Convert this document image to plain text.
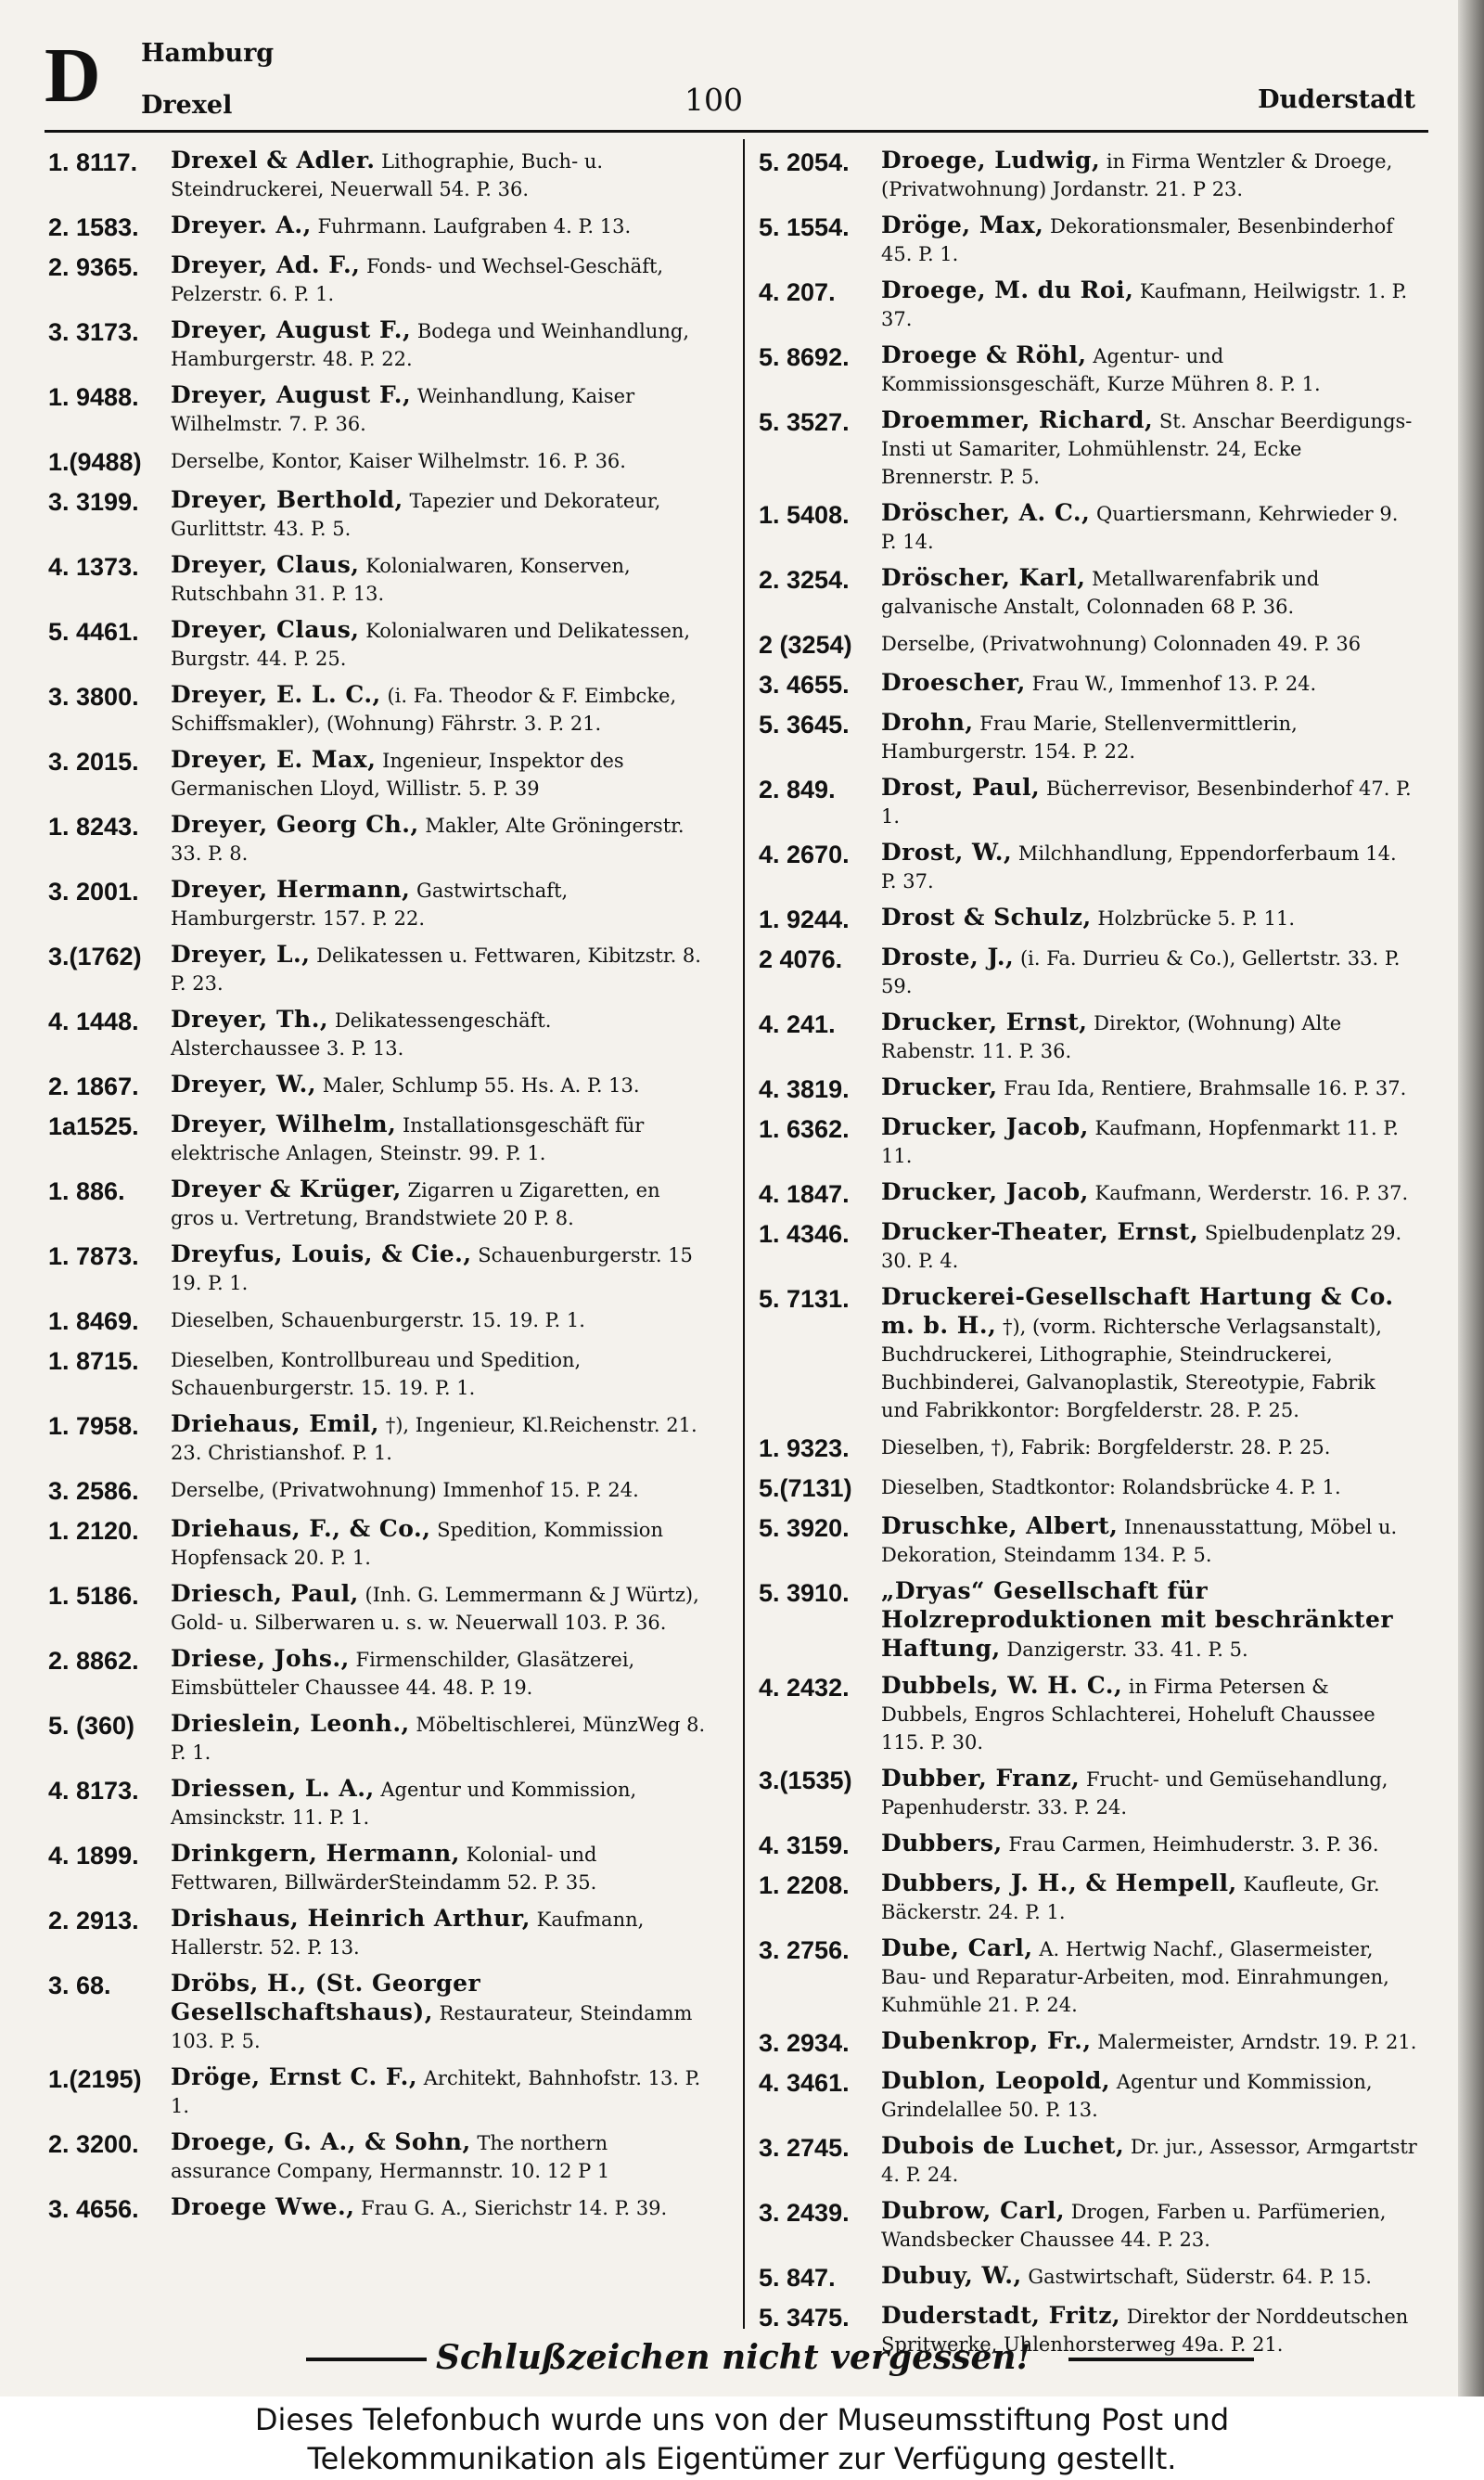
D Hamburg
Drexel	100	Duderstadt
1. 8117.	Drexel & Adler. Lithographie, Buch- u. Steindruckerei, Neuerwall 54. P. 36.
2. 1583.	Dreyer. A., Fuhrmann. Laufgraben 4. P. 13.
2. 9365.	Dreyer, Ad. F., Fonds- und Wechsel-Geschäft, Pelzerstr. 6. P. 1.
3. 3173.	Dreyer, August F., Bodega und Weinhandlung, Hamburgerstr. 48. P. 22.
1. 9488.	Dreyer, August F., Weinhandlung, Kaiser Wilhelmstr. 7. P. 36.
1.(9488)	Derselbe, Kontor, Kaiser Wilhelmstr. 16. P. 36.
3. 3199.	Dreyer, Berthold, Tapezier und Dekorateur, Gurlittstr. 43. P. 5.
4. 1373.	Dreyer, Claus, Kolonialwaren, Konserven, Rutschbahn 31. P. 13.
5. 4461.	Dreyer, Claus, Kolonialwaren und Delikatessen, Burgstr. 44. P. 25.
3. 3800.	Dreyer, E. L. C., (i. Fa. Theodor & F. Eimbcke, Schiffsmakler), (Wohnung) Fährstr. 3. P. 21.
3. 2015.	Dreyer, E. Max, Ingenieur, Inspektor des Germanischen Lloyd, Willistr. 5. P. 39
1. 8243.	Dreyer, Georg Ch., Makler, Alte Gröningerstr. 33. P. 8.
3. 2001.	Dreyer, Hermann, Gastwirtschaft, Hamburgerstr. 157. P. 22.
3.(1762)	Dreyer, L., Delikatessen u. Fettwaren, Kibitzstr. 8. P. 23.
4. 1448.	Dreyer, Th., Delikatessengeschäft. Alsterchaussee 3. P. 13.
2. 1867.	Dreyer, W., Maler, Schlump 55. Hs. A. P. 13.
1a1525.	Dreyer, Wilhelm, Installationsgeschäft für elektrische Anlagen, Steinstr. 99. P. 1.
1. 886.	Dreyer & Krüger, Zigarren u Zigaretten, en gros u. Vertretung, Brandstwiete 20 P. 8.
1. 7873.	Dreyfus, Louis, & Cie., Schauenburgerstr. 15 19. P. 1.
1. 8469.	Dieselben, Schauenburgerstr. 15. 19. P. 1.
1. 8715.	Dieselben, Kontrollbureau und Spedition, Schauenburgerstr. 15. 19. P. 1.
1. 7958.	Driehaus, Emil, †), Ingenieur, Kl.Reichenstr. 21. 23. Christianshof. P. 1.
3. 2586.	Derselbe, (Privatwohnung) Immenhof 15. P. 24.
1. 2120.	Driehaus, F., & Co., Spedition, Kommission Hopfensack 20. P. 1.
1. 5186.	Driesch, Paul, (Inh. G. Lemmermann & J Würtz), Gold- u. Silberwaren u. s. w. Neuerwall 103. P. 36.
2. 8862.	Driese, Johs., Firmenschilder, Glasätzerei, Eimsbütteler Chaussee 44. 48. P. 19.
5. (360)	Drieslein, Leonh., Möbeltischlerei, MünzWeg 8. P. 1.
4. 8173.	Driessen, L. A., Agentur und Kommission, Amsinckstr. 11. P. 1.
4. 1899.	Drinkgern, Hermann, Kolonial- und Fettwaren, BillwärderSteindamm 52. P. 35.
2. 2913.	Drishaus, Heinrich Arthur, Kaufmann, Hallerstr. 52. P. 13.
3. 68.	Dröbs, H., (St. Georger Gesellschaftshaus), Restaurateur, Steindamm 103. P. 5.
1.(2195)	Dröge, Ernst C. F., Architekt, Bahnhofstr. 13. P. 1.
2. 3200.	Droege, G. A., & Sohn, The northern assurance Company, Hermannstr. 10. 12 P 1
3. 4656.	Droege Wwe., Frau G. A., Sierichstr 14. P. 39.
5. 2054.	Droege, Ludwig, in Firma Wentzler & Droege, (Privatwohnung) Jordanstr. 21. P 23.
5. 1554.	Dröge, Max, Dekorationsmaler, Besenbinderhof 45. P. 1.
4. 207.	Droege, M. du Roi, Kaufmann, Heilwigstr. 1. P. 37.
5. 8692.	Droege & Röhl, Agentur- und Kommissionsgeschäft, Kurze Mühren 8. P. 1.
5. 3527.	Droemmer, Richard, St. Anschar Beerdigungs-Insti ut Samariter, Lohmühlenstr. 24, Ecke Brennerstr. P. 5.
1. 5408.	Dröscher, A. C., Quartiersmann, Kehrwieder 9. P. 14.
2. 3254.	Dröscher, Karl, Metallwarenfabrik und galvanische Anstalt, Colonnaden 68 P. 36.
2 (3254)	Derselbe, (Privatwohnung) Colonnaden 49. P. 36
3. 4655.	Droescher, Frau W., Immenhof 13. P. 24.
5. 3645.	Drohn, Frau Marie, Stellenvermittlerin, Hamburgerstr. 154. P. 22.
2. 849.	Drost, Paul, Bücherrevisor, Besenbinderhof 47. P. 1.
4. 2670.	Drost, W., Milchhandlung, Eppendorferbaum 14. P. 37.
1. 9244.	Drost & Schulz, Holzbrücke 5. P. 11.
2 4076.	Droste, J., (i. Fa. Durrieu & Co.), Gellertstr. 33. P. 59.
4. 241.	Drucker, Ernst, Direktor, (Wohnung) Alte Rabenstr. 11. P. 36.
4. 3819.	Drucker, Frau Ida, Rentiere, Brahmsalle 16. P. 37.
1. 6362.	Drucker, Jacob, Kaufmann, Hopfenmarkt 11. P. 11.
4. 1847.	Drucker, Jacob, Kaufmann, Werderstr. 16. P. 37.
1. 4346.	Drucker-Theater, Ernst, Spielbudenplatz 29. 30. P. 4.
5. 7131.	Druckerei-Gesellschaft Hartung & Co. m. b. H., †), (vorm. Richtersche Verlagsanstalt), Buchdruckerei, Lithographie, Steindruckerei, Buchbinderei, Galvanoplastik, Stereotypie, Fabrik und Fabrikkontor: Borgfelderstr. 28. P. 25.
1. 9323.	Dieselben, †), Fabrik: Borgfelderstr. 28. P. 25.
5.(7131)	Dieselben, Stadtkontor: Rolandsbrücke 4. P. 1.
5. 3920.	Druschke, Albert, Innenausstattung, Möbel u. Dekoration, Steindamm 134. P. 5.
5. 3910.	„Dryas“ Gesellschaft für Holzreproduktionen mit beschränkter Haftung, Danzigerstr. 33. 41. P. 5.
4. 2432.	Dubbels, W. H. C., in Firma Petersen & Dubbels, Engros Schlachterei, Hoheluft Chaussee 115. P. 30.
3.(1535)	Dubber, Franz, Frucht- und Gemüsehandlung, Papenhuderstr. 33. P. 24.
4. 3159.	Dubbers, Frau Carmen, Heimhuderstr. 3. P. 36.
1. 2208.	Dubbers, J. H., & Hempell, Kaufleute, Gr. Bäckerstr. 24. P. 1.
3. 2756.	Dube, Carl, A. Hertwig Nachf., Glasermeister, Bau- und Reparatur-Arbeiten, mod. Einrahmungen, Kuhmühle 21. P. 24.
3. 2934.	Dubenkrop, Fr., Malermeister, Arndstr. 19. P. 21.
4. 3461.	Dublon, Leopold, Agentur und Kommission, Grindelallee 50. P. 13.
3. 2745.	Dubois de Luchet, Dr. jur., Assessor, Armgartstr 4. P. 24.
3. 2439.	Dubrow, Carl, Drogen, Farben u. Parfümerien, Wandsbecker Chaussee 44. P. 23.
5. 847.	Dubuy, W., Gastwirtschaft, Süderstr. 64. P. 15.
5. 3475.	Duderstadt, Fritz, Direktor der Norddeutschen Spritwerke, Uhlenhorsterweg 49a. P. 21.
Schlußzeichen nicht vergessen!
Dieses Telefonbuch wurde uns von der Museumsstiftung Post und
Telekommunikation als Eigentümer zur Verfügung gestellt.
